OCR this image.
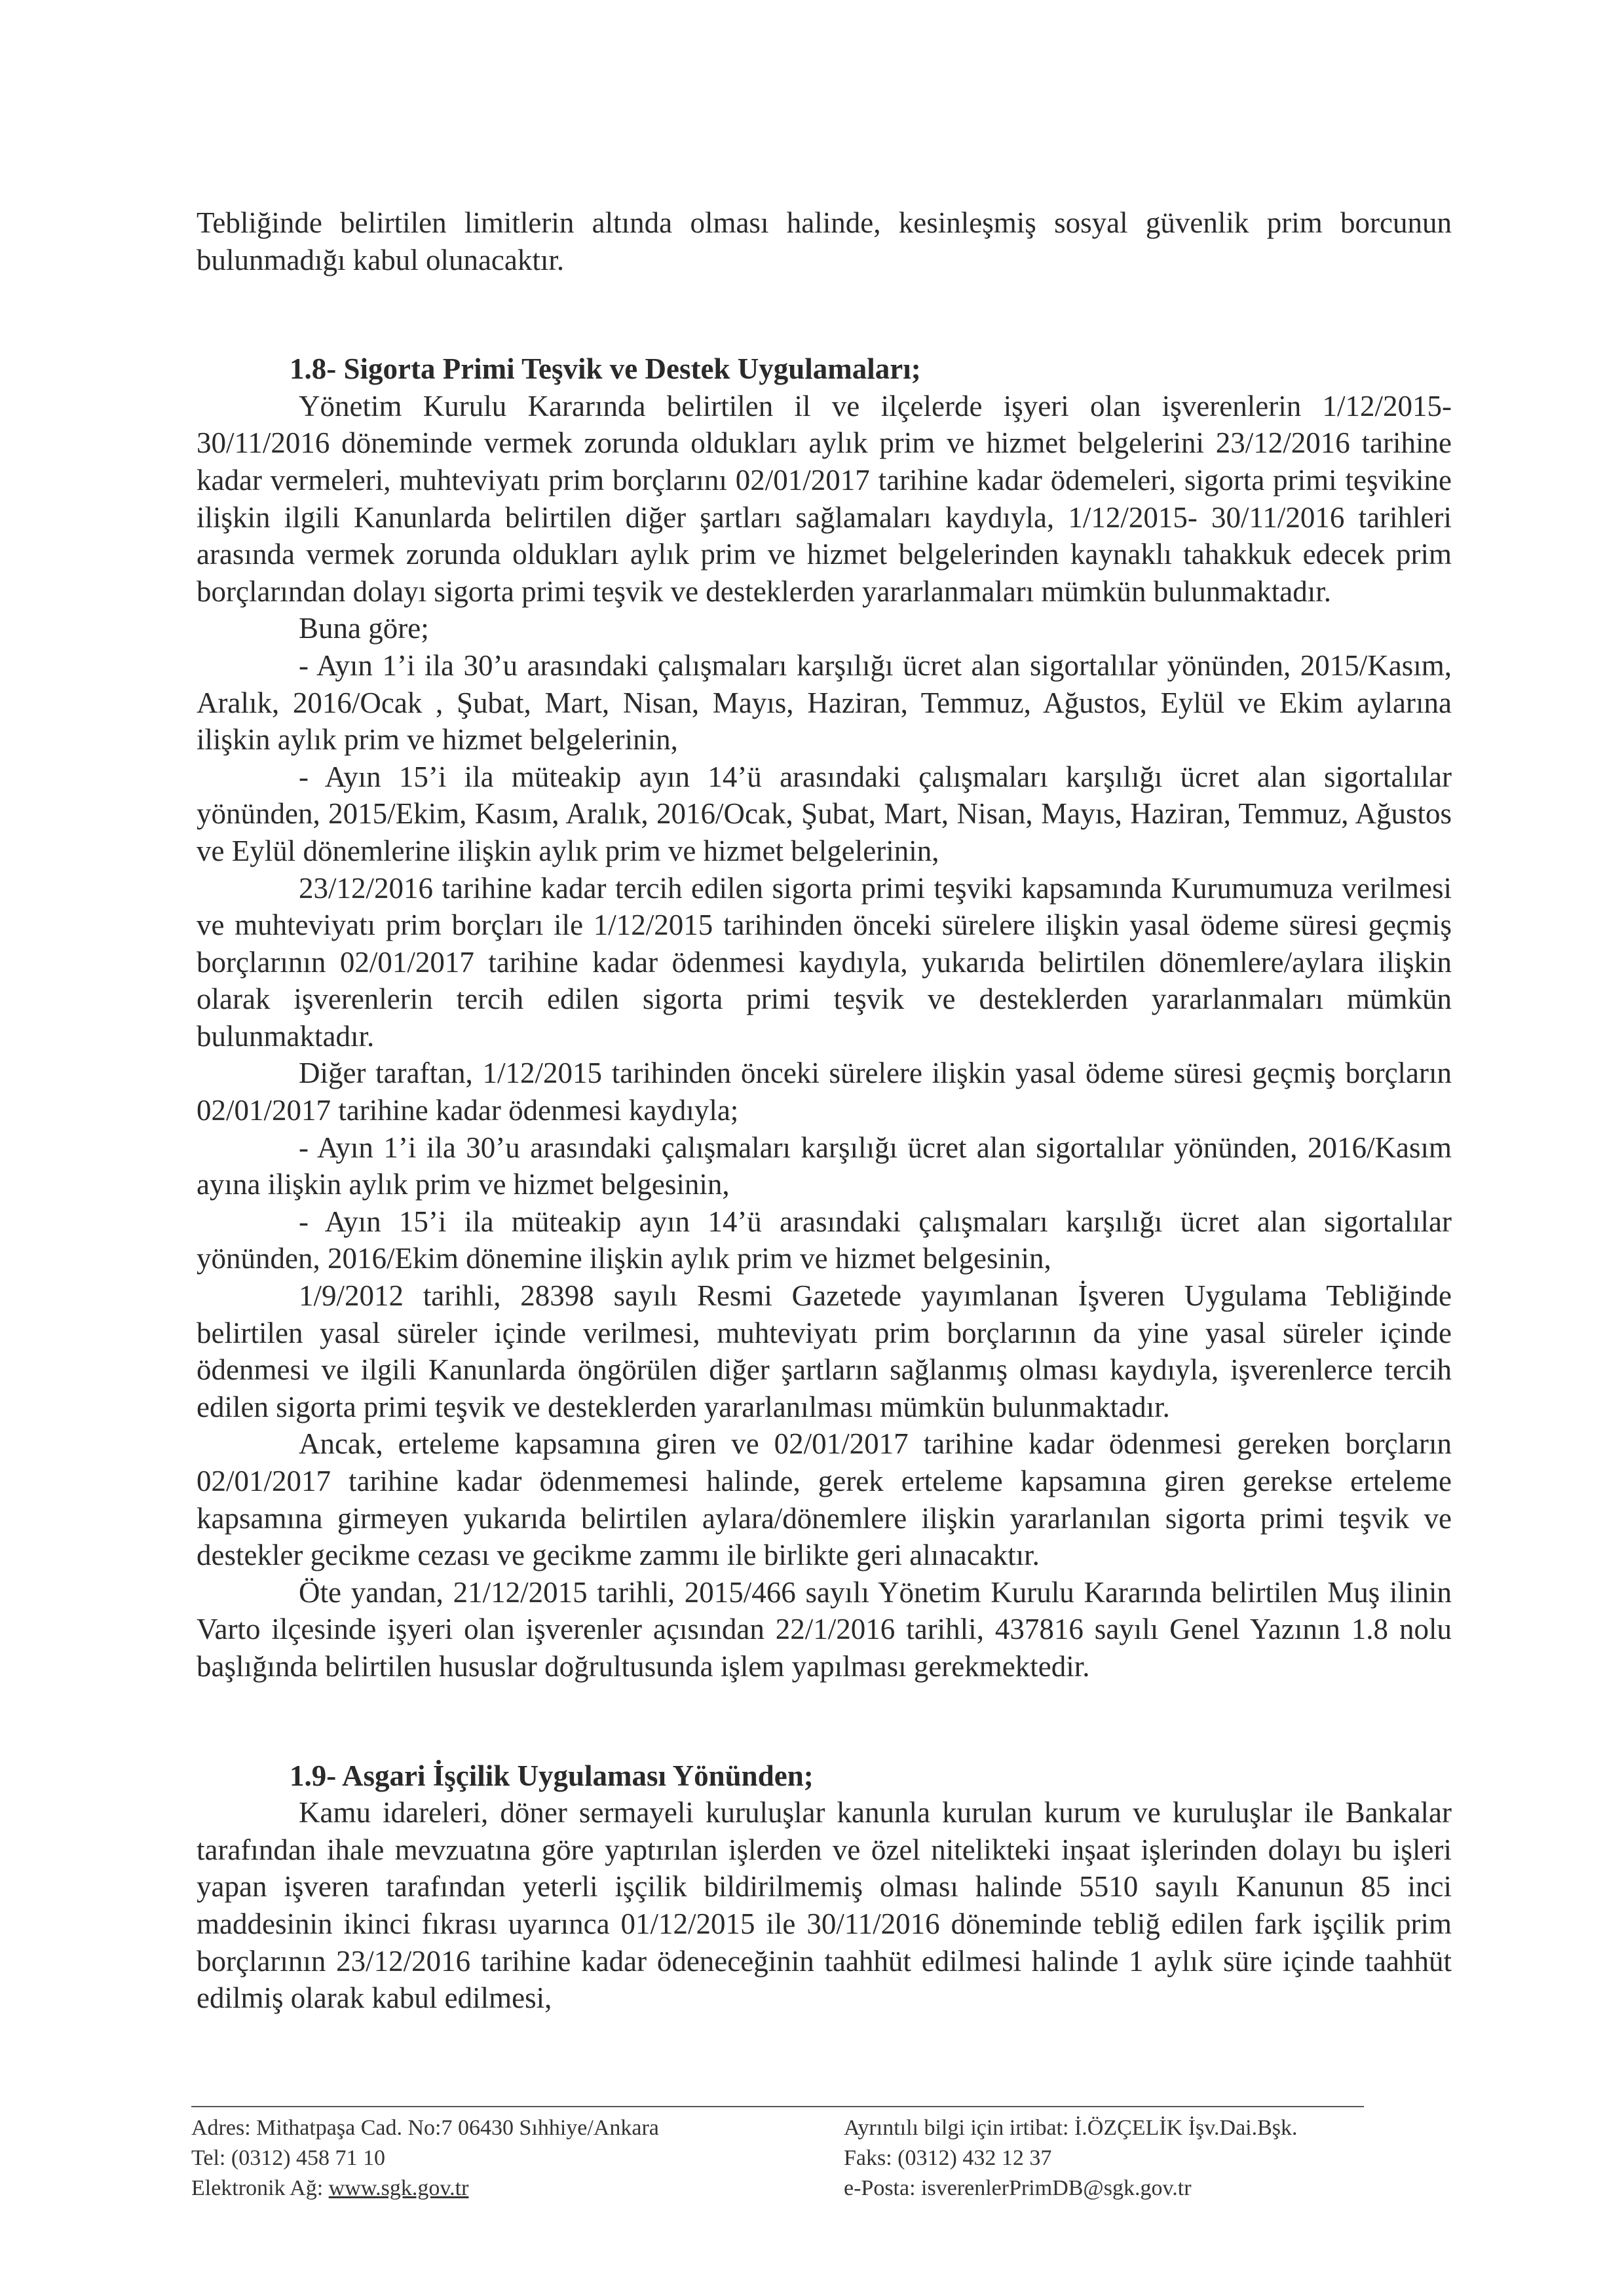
Tebliğinde belirtilen limitlerin altında olması halinde, kesinleşmiş sosyal güvenlik prim borcunun bulunmadığı kabul olunacaktır.

1.8- Sigorta Primi Teşvik ve Destek Uygulamaları;

Yönetim Kurulu Kararında belirtilen il ve ilçelerde işyeri olan işverenlerin 1/12/2015- 30/11/2016 döneminde vermek zorunda oldukları aylık prim ve hizmet belgelerini 23/12/2016 tarihine kadar vermeleri, muhteviyatı prim borçlarını 02/01/2017 tarihine kadar ödemeleri, sigorta primi teşvikine ilişkin ilgili Kanunlarda belirtilen diğer şartları sağlamaları kaydıyla, 1/12/2015- 30/11/2016 tarihleri arasında vermek zorunda oldukları aylık prim ve hizmet belgelerinden kaynaklı tahakkuk edecek prim borçlarından dolayı sigorta primi teşvik ve desteklerden yararlanmaları mümkün bulunmaktadır.

Buna göre;

- Ayın 1’i ila 30’u arasındaki çalışmaları karşılığı ücret alan sigortalılar yönünden, 2015/Kasım, Aralık, 2016/Ocak , Şubat, Mart, Nisan, Mayıs, Haziran, Temmuz, Ağustos, Eylül ve Ekim aylarına ilişkin aylık prim ve hizmet belgelerinin,

- Ayın 15’i ila müteakip ayın 14’ü arasındaki çalışmaları karşılığı ücret alan sigortalılar yönünden, 2015/Ekim, Kasım, Aralık, 2016/Ocak, Şubat, Mart, Nisan, Mayıs, Haziran, Temmuz, Ağustos ve Eylül dönemlerine ilişkin aylık prim ve hizmet belgelerinin,

23/12/2016 tarihine kadar tercih edilen sigorta primi teşviki kapsamında Kurumumuza verilmesi ve muhteviyatı prim borçları ile 1/12/2015 tarihinden önceki sürelere ilişkin yasal ödeme süresi geçmiş borçlarının 02/01/2017 tarihine kadar ödenmesi kaydıyla, yukarıda belirtilen dönemlere/aylara ilişkin olarak işverenlerin tercih edilen sigorta primi teşvik ve desteklerden yararlanmaları mümkün bulunmaktadır.

Diğer taraftan, 1/12/2015 tarihinden önceki sürelere ilişkin yasal ödeme süresi geçmiş borçların 02/01/2017 tarihine kadar ödenmesi kaydıyla;

- Ayın 1’i ila 30’u arasındaki çalışmaları karşılığı ücret alan sigortalılar yönünden, 2016/Kasım ayına ilişkin aylık prim ve hizmet belgesinin,

- Ayın 15’i ila müteakip ayın 14’ü arasındaki çalışmaları karşılığı ücret alan sigortalılar yönünden, 2016/Ekim dönemine ilişkin aylık prim ve hizmet belgesinin,

1/9/2012 tarihli, 28398 sayılı Resmi Gazetede yayımlanan İşveren Uygulama Tebliğinde belirtilen yasal süreler içinde verilmesi, muhteviyatı prim borçlarının da yine yasal süreler içinde ödenmesi ve ilgili Kanunlarda öngörülen diğer şartların sağlanmış olması kaydıyla, işverenlerce tercih edilen sigorta primi teşvik ve desteklerden yararlanılması mümkün bulunmaktadır.

Ancak, erteleme kapsamına giren ve 02/01/2017 tarihine kadar ödenmesi gereken borçların 02/01/2017 tarihine kadar ödenmemesi halinde, gerek erteleme kapsamına giren gerekse erteleme kapsamına girmeyen yukarıda belirtilen aylara/dönemlere ilişkin yararlanılan sigorta primi teşvik ve destekler gecikme cezası ve gecikme zammı ile birlikte geri alınacaktır.

Öte yandan, 21/12/2015 tarihli, 2015/466 sayılı Yönetim Kurulu Kararında belirtilen Muş ilinin Varto ilçesinde işyeri olan işverenler açısından 22/1/2016 tarihli, 437816 sayılı Genel Yazının 1.8 nolu başlığında belirtilen hususlar doğrultusunda işlem yapılması gerekmektedir.

1.9- Asgari İşçilik Uygulaması Yönünden;

Kamu idareleri, döner sermayeli kuruluşlar kanunla kurulan kurum ve kuruluşlar ile Bankalar tarafından ihale mevzuatına göre yaptırılan işlerden ve özel nitelikteki inşaat işlerinden dolayı bu işleri yapan işveren tarafından yeterli işçilik bildirilmemiş olması halinde 5510 sayılı Kanunun 85 inci maddesinin ikinci fıkrası uyarınca 01/12/2015 ile 30/11/2016 döneminde tebliğ edilen fark işçilik prim borçlarının 23/12/2016 tarihine kadar ödeneceğinin taahhüt edilmesi halinde 1 aylık süre içinde taahhüt edilmiş olarak kabul edilmesi,

Adres: Mithatpaşa Cad. No:7 06430 Sıhhiye/Ankara
Tel: (0312) 458 71 10
Elektronik Ağ: www.sgk.gov.tr
Ayrıntılı bilgi için irtibat: İ.ÖZÇELİK İşv.Dai.Bşk.
Faks: (0312) 432 12 37
e-Posta: isverenlerPrimDB@sgk.gov.tr
